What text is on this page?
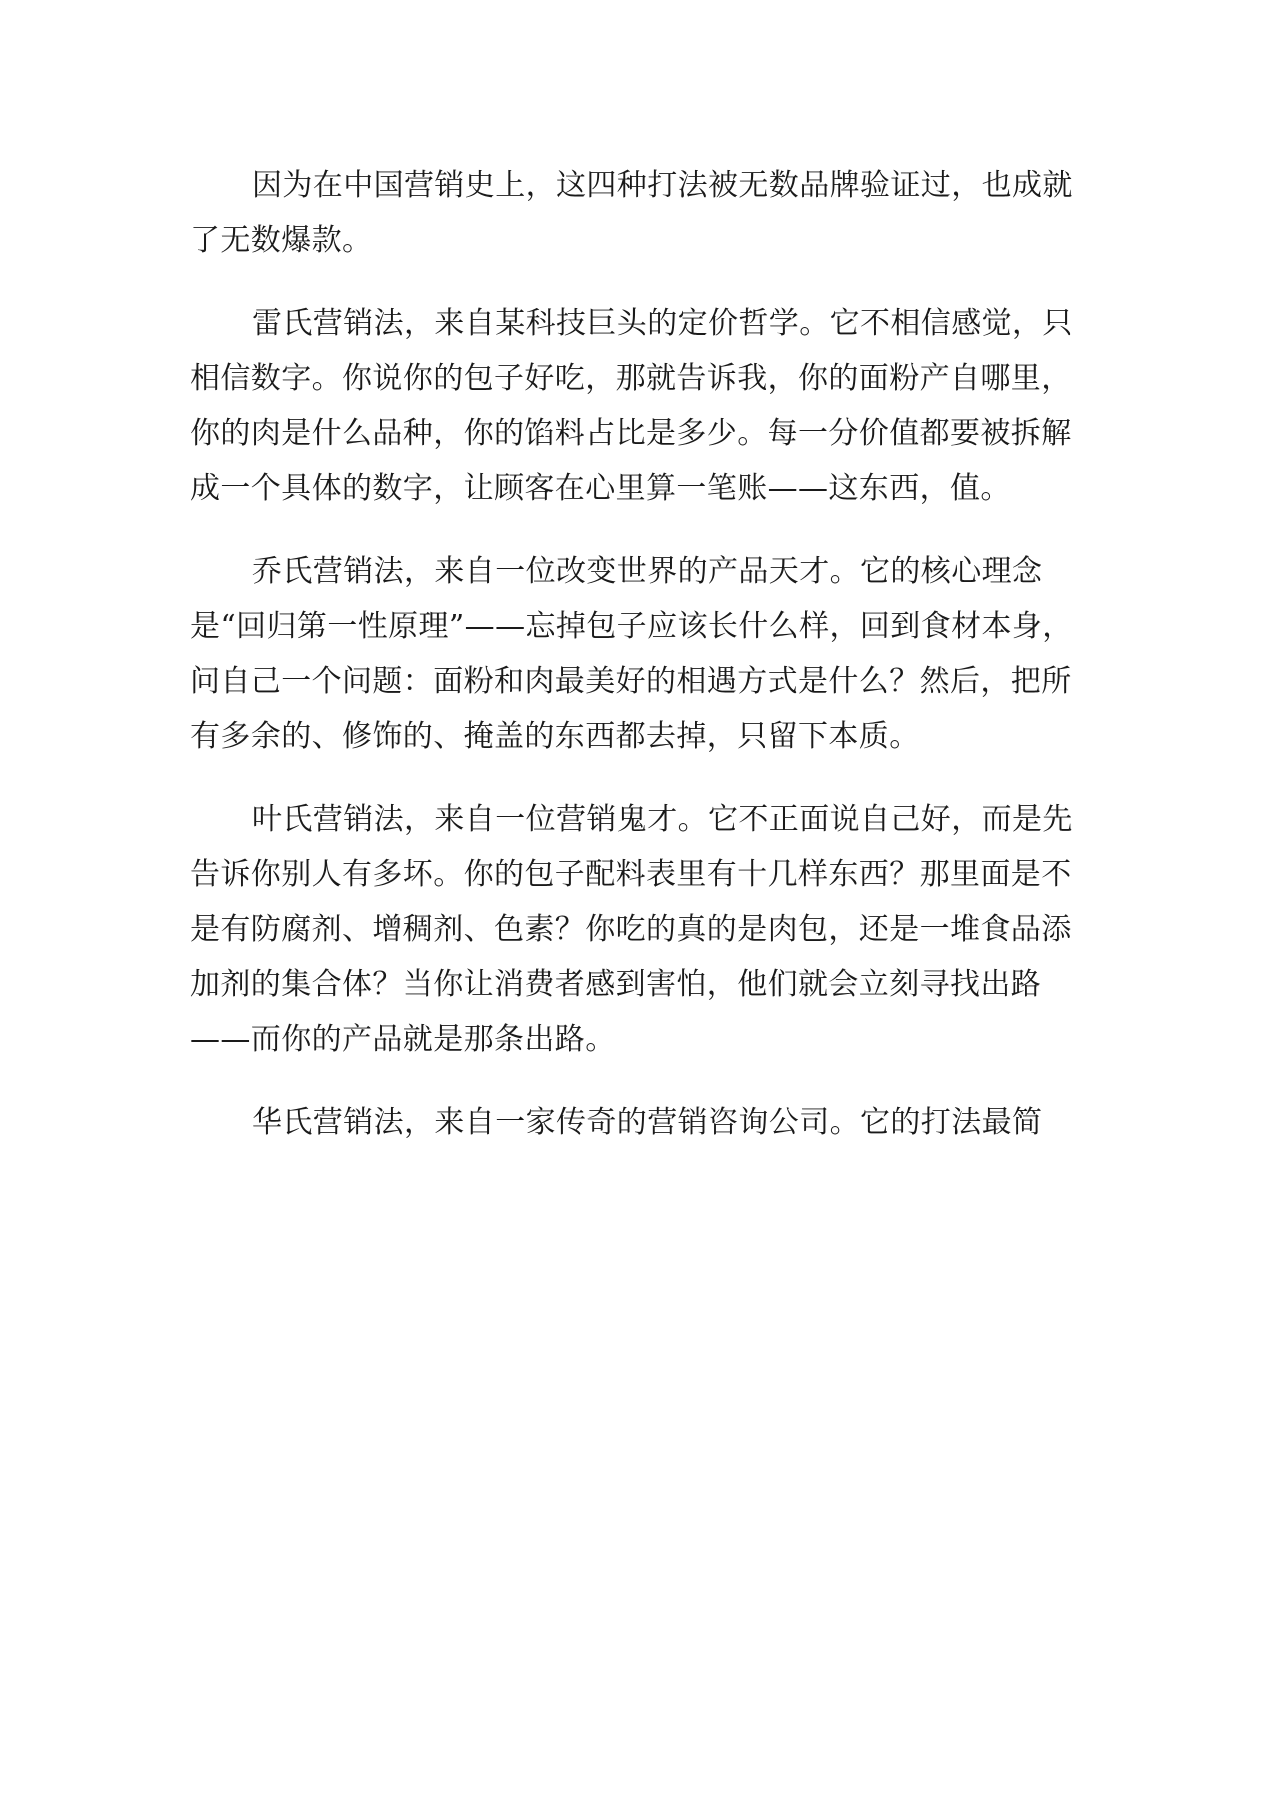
因为在中国营销史上，这四种打法被无数品牌验证过，也成就了无数爆款。

雷氏营销法，来自某科技巨头的定价哲学。它不相信感觉，只相信数字。你说你的包子好吃，那就告诉我，你的面粉产自哪里，你的肉是什么品种，你的馅料占比是多少。每一分价值都要被拆解成一个具体的数字，让顾客在心里算一笔账——这东西，值。

乔氏营销法，来自一位改变世界的产品天才。它的核心理念是“回归第一性原理”——忘掉包子应该长什么样，回到食材本身，问自己一个问题：面粉和肉最美好的相遇方式是什么？然后，把所有多余的、修饰的、掩盖的东西都去掉，只留下本质。

叶氏营销法，来自一位营销鬼才。它不正面说自己好，而是先告诉你别人有多坏。你的包子配料表里有十几样东西？那里面是不是有防腐剂、增稠剂、色素？你吃的真的是肉包，还是一堆食品添加剂的集合体？当你让消费者感到害怕，他们就会立刻寻找出路——而你的产品就是那条出路。

华氏营销法，来自一家传奇的营销咨询公司。它的打法最简
